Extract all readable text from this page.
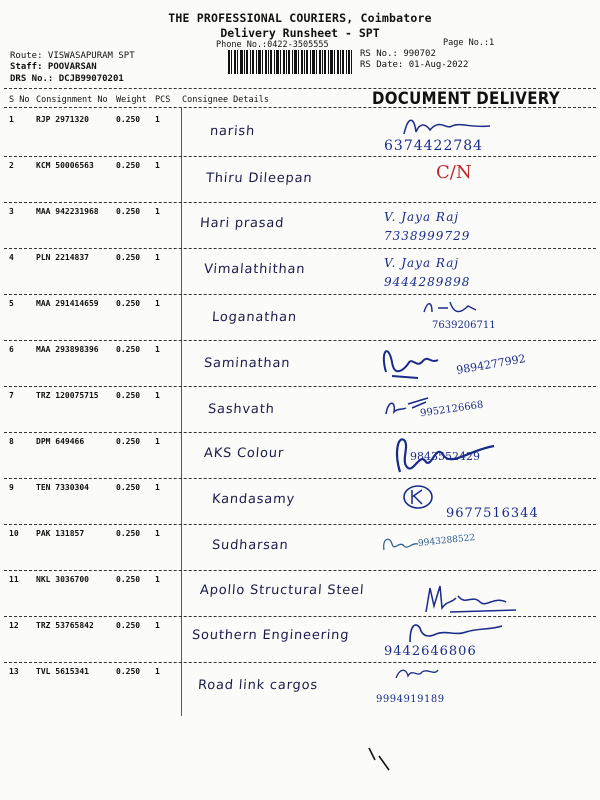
THE PROFESSIONAL COURIERS, Coimbatore
Delivery Runsheet - SPT
Phone No.:0422-3505555	Page No.:1
Route: VISWASAPURAM SPT
Staff: POOVARSAN
DRS No.: DCJB99070201
RS No.: 990702
RS Date: 01-Aug-2022
S No Consignment No Weight PCS Consignee Details	DOCUMENT DELIVERY
1	RJP 2971320	0.250 1
narish
6374422784
2	KCM 50006563	0.250 1
Thiru Dileepan	C/N
3	MAA 942231968 0.250 1
Hari prasad	V. Jaya Raj 7338999729
4	PLN 2214837	0.250 1
Vimalathithan	V. Jaya Raj 9444289898
5	MAA 291414659 0.250 1
Loganathan
7639206711
6	MAA 293898396 0.250 1
Saminathan	9894277992
7	TRZ 120075715 0.250 1
Sashvath	9952126668
8	DPM 649466	0.250 1
AKS Colour	9843552429
9	TEN 7330304	0.250 1
Kandasamy
9677516344
10 PAK 131857	0.250 1
Sudharsan	9943288522
11 NKL 3036700	0.250 1
Apollo Structural Steel
12 TRZ 53765842	0.250 1
Southern Engineering
9442646806
13 TVL 5615341	0.250 1
Road link cargos
9994919189
